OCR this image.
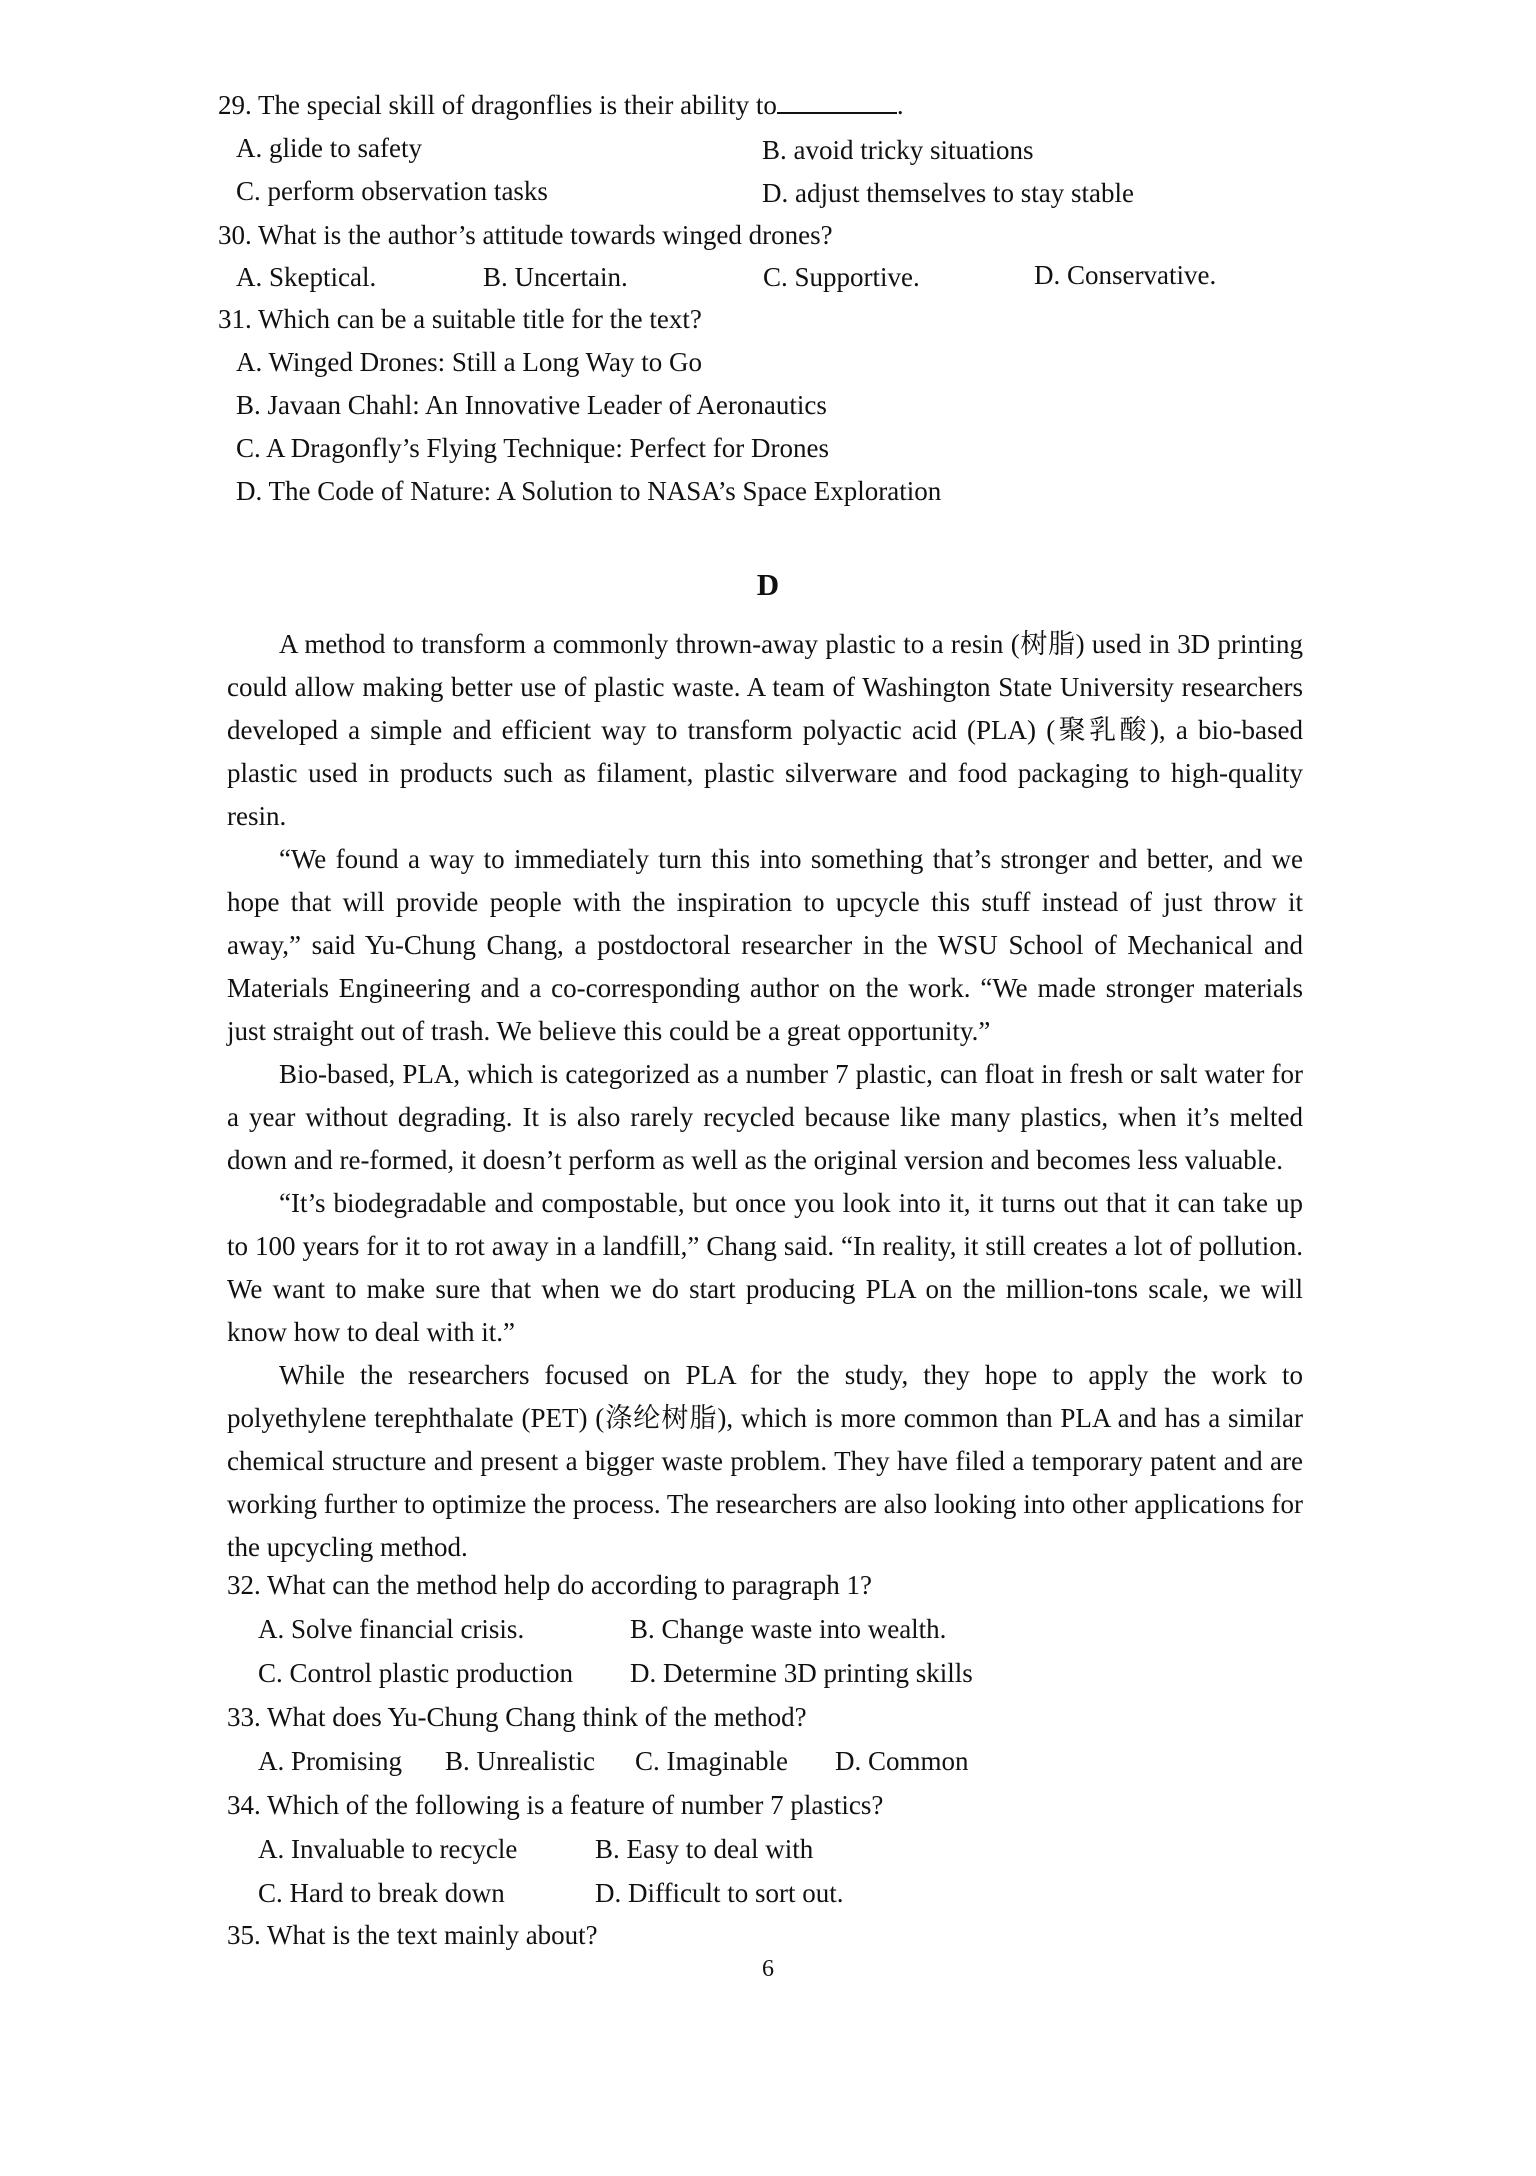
29. The special skill of dragonflies is their ability to	.
A. glide to safety	B. avoid tricky situations
C. perform observation tasks	D. adjust themselves to stay stable
30. What is the author’s attitude towards winged drones?
A. Skeptical.	B. Uncertain.	C. Supportive.	D. Conservative.
31. Which can be a suitable title for the text?
A. Winged Drones: Still a Long Way to Go
B. Javaan Chahl: An Innovative Leader of Aeronautics
C. A Dragonfly’s Flying Technique: Perfect for Drones
D. The Code of Nature: A Solution to NASA’s Space Exploration
D

A method to transform a commonly thrown-away plastic to a resin (树脂) used in 3D printing could allow making better use of plastic waste. A team of Washington State University researchers developed a simple and efficient way to transform polyactic acid (PLA) (聚乳酸), a bio-based plastic used in products such as filament, plastic silverware and food packaging to high-quality resin.

“We found a way to immediately turn this into something that’s stronger and better, and we hope that will provide people with the inspiration to upcycle this stuff instead of just throw it away,” said Yu-Chung Chang, a postdoctoral researcher in the WSU School of Mechanical and Materials Engineering and a co-corresponding author on the work. “We made stronger materials just straight out of trash. We believe this could be a great opportunity.”

Bio-based, PLA, which is categorized as a number 7 plastic, can float in fresh or salt water for a year without degrading. It is also rarely recycled because like many plastics, when it’s melted down and re-formed, it doesn’t perform as well as the original version and becomes less valuable.

“It’s biodegradable and compostable, but once you look into it, it turns out that it can take up to 100 years for it to rot away in a landfill,” Chang said. “In reality, it still creates a lot of pollution. We want to make sure that when we do start producing PLA on the million-tons scale, we will know how to deal with it.”

While the researchers focused on PLA for the study, they hope to apply the work to polyethylene terephthalate (PET) (涤纶树脂), which is more common than PLA and has a similar chemical structure and present a bigger waste problem. They have filed a temporary patent and are working further to optimize the process. The researchers are also looking into other applications for the upcycling method.

32. What can the method help do according to paragraph 1?
A. Solve financial crisis.	B. Change waste into wealth.
C. Control plastic production D. Determine 3D printing skills
33. What does Yu-Chung Chang think of the method?
A. Promising B. Unrealistic C. Imaginable D. Common
34. Which of the following is a feature of number 7 plastics?
A. Invaluable to recycle	B. Easy to deal with
C. Hard to break down	D. Difficult to sort out.
35. What is the text mainly about?
6
